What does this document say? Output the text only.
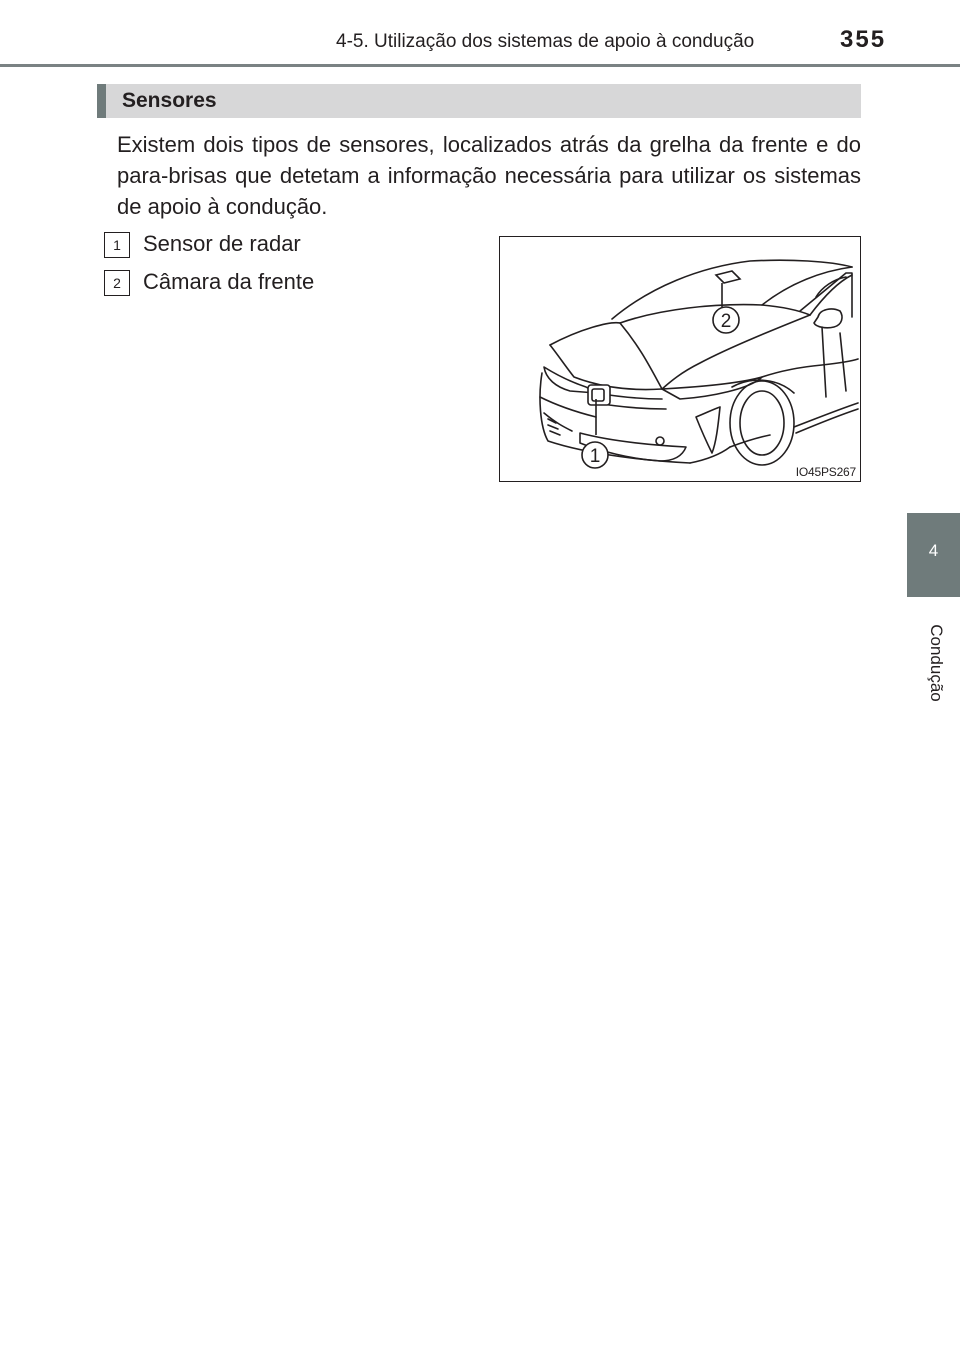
4-5. Utilização dos sistemas de apoio à condução	355
4
Condução
Sensores
Existem dois tipos de sensores, localizados atrás da grelha da frente e do para-brisas que detetam a informação necessária para utilizar os sistemas de apoio à condução.
1	Sensor de radar
2	Câmara da frente
2
1
IO45PS267
